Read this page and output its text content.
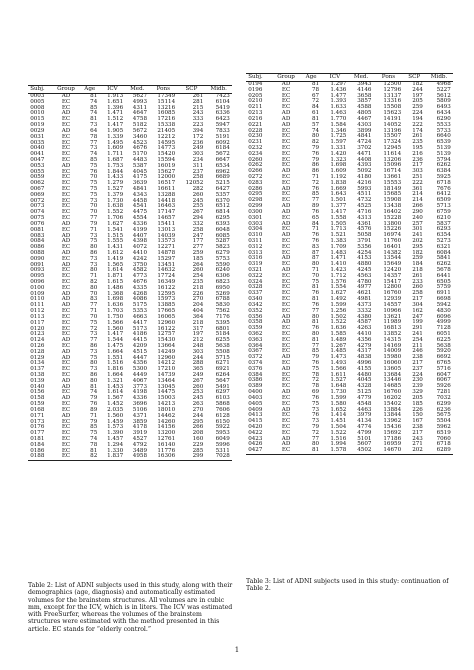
Subj.	Group	Age	ICV	Med.	Pons	SCP	Midb.
0003	AD	81	1.913	5627	17349	261	7423
0005	EC	74	1.651	4993	15114	281	6104
0008	EC	85	1.396	4311	13216	215	5419
0010	AD	74	1.471	4647	16085	243	6336
0015	EC	81	1.512	4758	17216	333	6423
0019	EC	73	1.417	5182	15338	223	5947
0029	AD	64	1.905	5672	21405	394	7833
0031	EC	78	1.339	3460	12212	172	5191
0035	EC	77	1.495	4523	14595	236	6092
0040	EC	73	1.609	4676	14773	249	6184
0041	EC	74	1.711	5170	15420	303	5672
0047	EC	85	1.687	4483	15594	234	6647
0053	AD	75	1.753	5387	16019	311	6534
0055	EC	76	1.844	4045	15627	237	6962
0059	EC	70	1.433	4175	12000	258	6689
0062	EC	75	1.279	3639	16517	12052	5215
0067	EC	75	1.527	4841	16611	282	6427
0069	EC	75	1.379	4343	13288	260	5357
0072	EC	73	1.730	4458	14418	245	6370
0073	EC	70	1.638	4541	16463	255	6512
0074	EC	70	1.552	4475	17147	267	6814
0075	EC	77	1.706	4554	14657	294	6295
0076	AD	79	1.627	4336	15411	332	6393
0081	EC	71	1.541	4199	13013	258	6048
0083	AD	73	1.515	4407	14039	247	6085
0084	AD	75	1.555	4398	13573	177	5287
0086	EC	80	1.431	4072	12271	277	5823
0088	AD	86	1.612	4410	14878	259	6279
0090	EC	73	1.419	4242	15297	185	5753
0091	AD	73	1.565	3750	13451	264	5590
0093	EC	80	1.614	4582	14632	260	6240
0095	EC	71	1.871	4773	17724	254	6306
0096	EC	82	1.615	4676	16349	235	6823
0100	EC	80	1.486	4335	16122	218	6950
0109	AD	70	1.368	4268	12595	226	5269
0110	AD	83	1.698	4086	15973	270	6788
0111	AD	77	1.636	5175	13885	204	5830
0112	EC	71	1.703	5353	17665	404	7562
0113	EC	70	1.750	4663	16065	364	7176
0117	EC	75	1.566	4417	12960	218	5395
0120	EC	72	1.560	5173	16122	317	6801
0123	EC	73	1.417	4186	12757	197	5184
0124	AD	77	1.544	4415	15430	212	6255
0126	EC	86	1.475	4209	13664	248	5638
0128	AD	73	1.664	4515	14249	303	5508
0129	AD	75	1.551	4447	12960	244	5715
0134	EC	80	1.516	4356	14212	288	6271
0137	EC	73	1.816	5300	17210	365	6921
0138	EC	86	1.664	4449	14739	249	6264
0139	AD	80	1.321	4067	13464	267	5647
0140	AD	81	1.453	3773	13045	260	5491
0156	EC	74	1.614	4198	14475	253	6297
0158	AD	79	1.567	4336	15003	245	6103
0159	EC	76	1.452	3696	14213	263	5868
0168	EC	89	2.035	5106	18010	270	7606
0171	AD	71	1.560	4371	14462	244	6128
0173	EC	79	1.459	3859	14260	295	6150
0176	EC	85	1.573	4178	14156	266	5922
0177	EC	75	1.390	3919	13200	208	5953
0181	EC	74	1.457	4527	12761	160	6049
0184	EC	78	1.294	4792	16140	229	5996
0186	EC	81	1.330	3489	11776	285	5311
0188	EC	82	1.837	4958	16306	299	7028

Table 2: List of ADNI subjects used in this study, along with their demographics (age, diagnosis) and automatically estimated volumes for the brainstem structures. All volumes are in cubic mm, except for the ICV, which is in liters. The ICV was estimated with FreeSurfer, whereas the volumes of the brainstem structures were estimated with the method presented in this article. EC stands for “elderly control.”

Subj.	Group	Age	ICV	Med.	Pons	SCP	Midb.
0194	AD	81	1.297	3943	12500	182	4968
0196	EC	78	1.436	4146	12796	244	5227
0205	EC	67	1.477	3658	13137	197	5612
0210	EC	72	1.393	3857	13316	205	5809
0211	EC	84	1.633	4588	15508	259	6493
0213	AD	61	1.463	4805	15623	224	6434
0216	AD	81	1.770	4467	14191	194	6290
0221	AD	57	1.584	4303	14052	222	5533
0228	EC	74	1.346	3899	13196	174	5733
0230	EC	80	1.725	4841	15507	261	6640
0231	EC	82	1.597	4724	17324	235	6539
0232	EC	79	1.331	3702	12945	195	5139
0234	EC	76	1.420	4471	11614	216	5139
0260	EC	79	1.323	4408	13206	236	5794
0262	EC	86	1.698	4393	15096	217	6262
0266	AD	86	1.609	5092	16714	303	6384
0272	EC	71	1.192	4180	13661	251	5925
0283	EC	72	1.838	4216	15553	222	6718
0286	AD	76	1.669	5993	18149	361	7676
0295	EC	85	1.643	4511	15685	214	6412
0298	EC	77	1.501	4732	15908	214	6509
0299	AD	89	1.377	4525	13438	266	5713
0300	AD	76	1.417	4716	16402	290	6759
0301	EC	65	1.558	4313	15228	240	6210
0303	AD	84	1.505	4361	13800	257	5837
0304	EC	71	1.713	4576	15226	301	6293
0310	AD	76	1.521	5058	16974	241	6354
0311	EC	76	1.383	3791	11760	202	5273
0312	EC	83	1.709	5356	16401	295	6321
0313	EC	87	1.483	4254	14382	182	6084
0316	AD	87	1.471	4153	13544	259	5841
0319	EC	80	1.410	4880	15649	184	6262
0321	AD	71	1.423	4245	12420	218	5678
0322	EC	70	1.712	4563	14357	261	6441
0324	EC	75	1.576	4780	15417	233	6505
0328	EC	81	1.554	4977	12800	260	5759
0337	EC	76	1.627	4621	16760	258	6911
0340	EC	81	1.492	4981	12939	217	6698
0342	EC	76	1.599	4373	14557	304	5942
0352	EC	77	1.256	3332	10966	162	4830
0356	AD	80	1.502	4380	13621	247	6096
0358	AD	81	1.522	4587	11989	199	4999
0359	EC	76	1.636	4263	16813	291	7128
0362	EC	80	1.585	4410	13852	241	6051
0363	EC	81	1.489	4356	14315	254	6225
0364	EC	77	1.267	4279	14169	211	5638
0367	EC	85	1.485	4317	14009	246	5920
0372	AD	79	1.473	4838	15980	238	6692
0374	EC	76	1.493	4996	16060	217	6765
0376	AD	75	1.566	4155	13605	237	5716
0384	EC	78	1.611	4480	13684	224	6047
0386	EC	72	1.527	4045	13446	230	6067
0389	EC	78	1.648	4328	14685	239	5926
0400	AD	69	1.730	5125	16760	329	7281
0403	EC	76	1.599	4779	16202	205	7032
0405	EC	75	1.580	4548	15402	185	6299
0409	AD	73	1.652	4463	13884	226	6236
0413	EC	76	1.414	3979	13844	150	5675
0415	EC	73	1.451	4134	13962	167	5504
0420	EC	79	1.504	4774	15436	238	5962
0422	EC	72	1.522	4799	15692	217	6519
0423	AD	77	1.516	5101	17186	243	7060
0426	AD	80	1.994	5607	16959	271	6718
0427	EC	81	1.578	4502	14670	202	6289

Table 3: List of ADNI subjects used in this study: continuation of Table 2.

1
